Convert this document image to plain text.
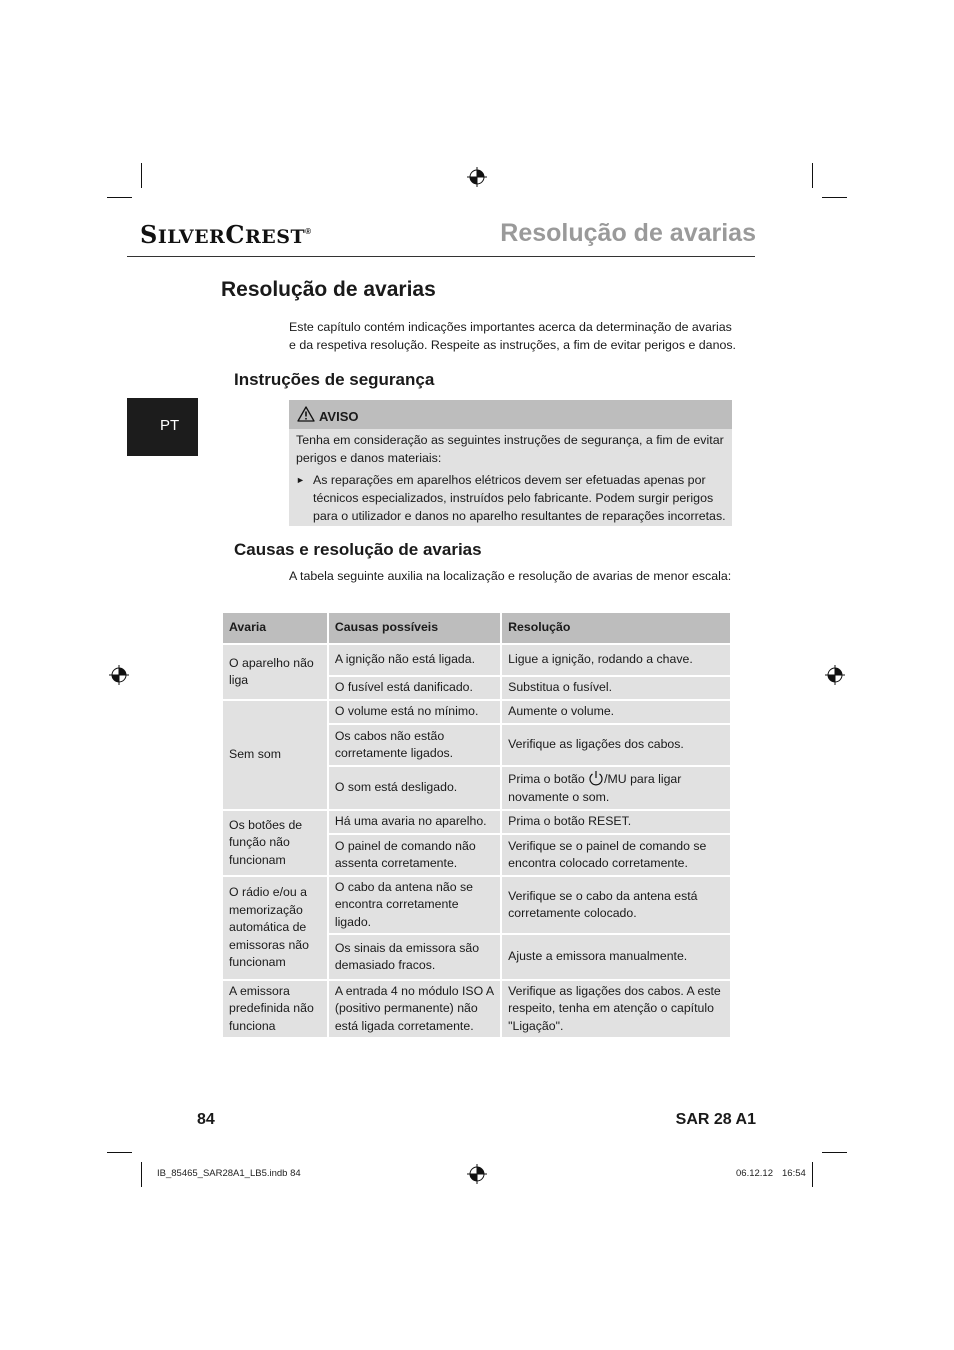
SILVERCREST®	Resolução de avarias
PT
Resolução de avarias
Este capítulo contém indicações importantes acerca da determinação de avarias e da respetiva resolução. Respeite as instruções, a fim de evitar perigos e danos.
Instruções de segurança
AVISO
Tenha em consideração as seguintes instruções de segurança, a fim de evitar perigos e danos materiais:
► As reparações em aparelhos elétricos devem ser efetuadas apenas por técnicos especializados, instruídos pelo fabricante. Podem surgir perigos para o utilizador e danos no aparelho resultantes de reparações incorretas.
Causas e resolução de avarias
A tabela seguinte auxilia na localização e resolução de avarias de menor escala:
Avaria	Causas possíveis	Resolução
O aparelho não liga	A ignição não está ligada.	Ligue a ignição, rodando a chave.
	O fusível está danificado.	Substitua o fusível.
Sem som	O volume está no mínimo.	Aumente o volume.
	Os cabos não estão corretamente ligados.	Verifique as ligações dos cabos.
	O som está desligado.	Prima o botão /MU para ligar novamente o som.
Os botões de função não funcionam	Há uma avaria no aparelho.	Prima o botão RESET.
	O painel de comando não assenta corretamente.	Verifique se o painel de comando se encontra colocado corretamente.
O rádio e/ou a memorização automática de emissoras não funcionam	O cabo da antena não se encontra corretamente ligado.	Verifique se o cabo da antena está corretamente colocado.
	Os sinais da emissora são demasiado fracos.	Ajuste a emissora manualmente.
A emissora predefinida não funciona	A entrada 4 no módulo ISO A (positivo permanente) não está ligada corretamente.	Verifique as ligações dos cabos. A este respeito, tenha em atenção o capítulo "Ligação".
84	SAR 28 A1
IB_85465_SAR28A1_LB5.indb 84	06.12.12 16:54
